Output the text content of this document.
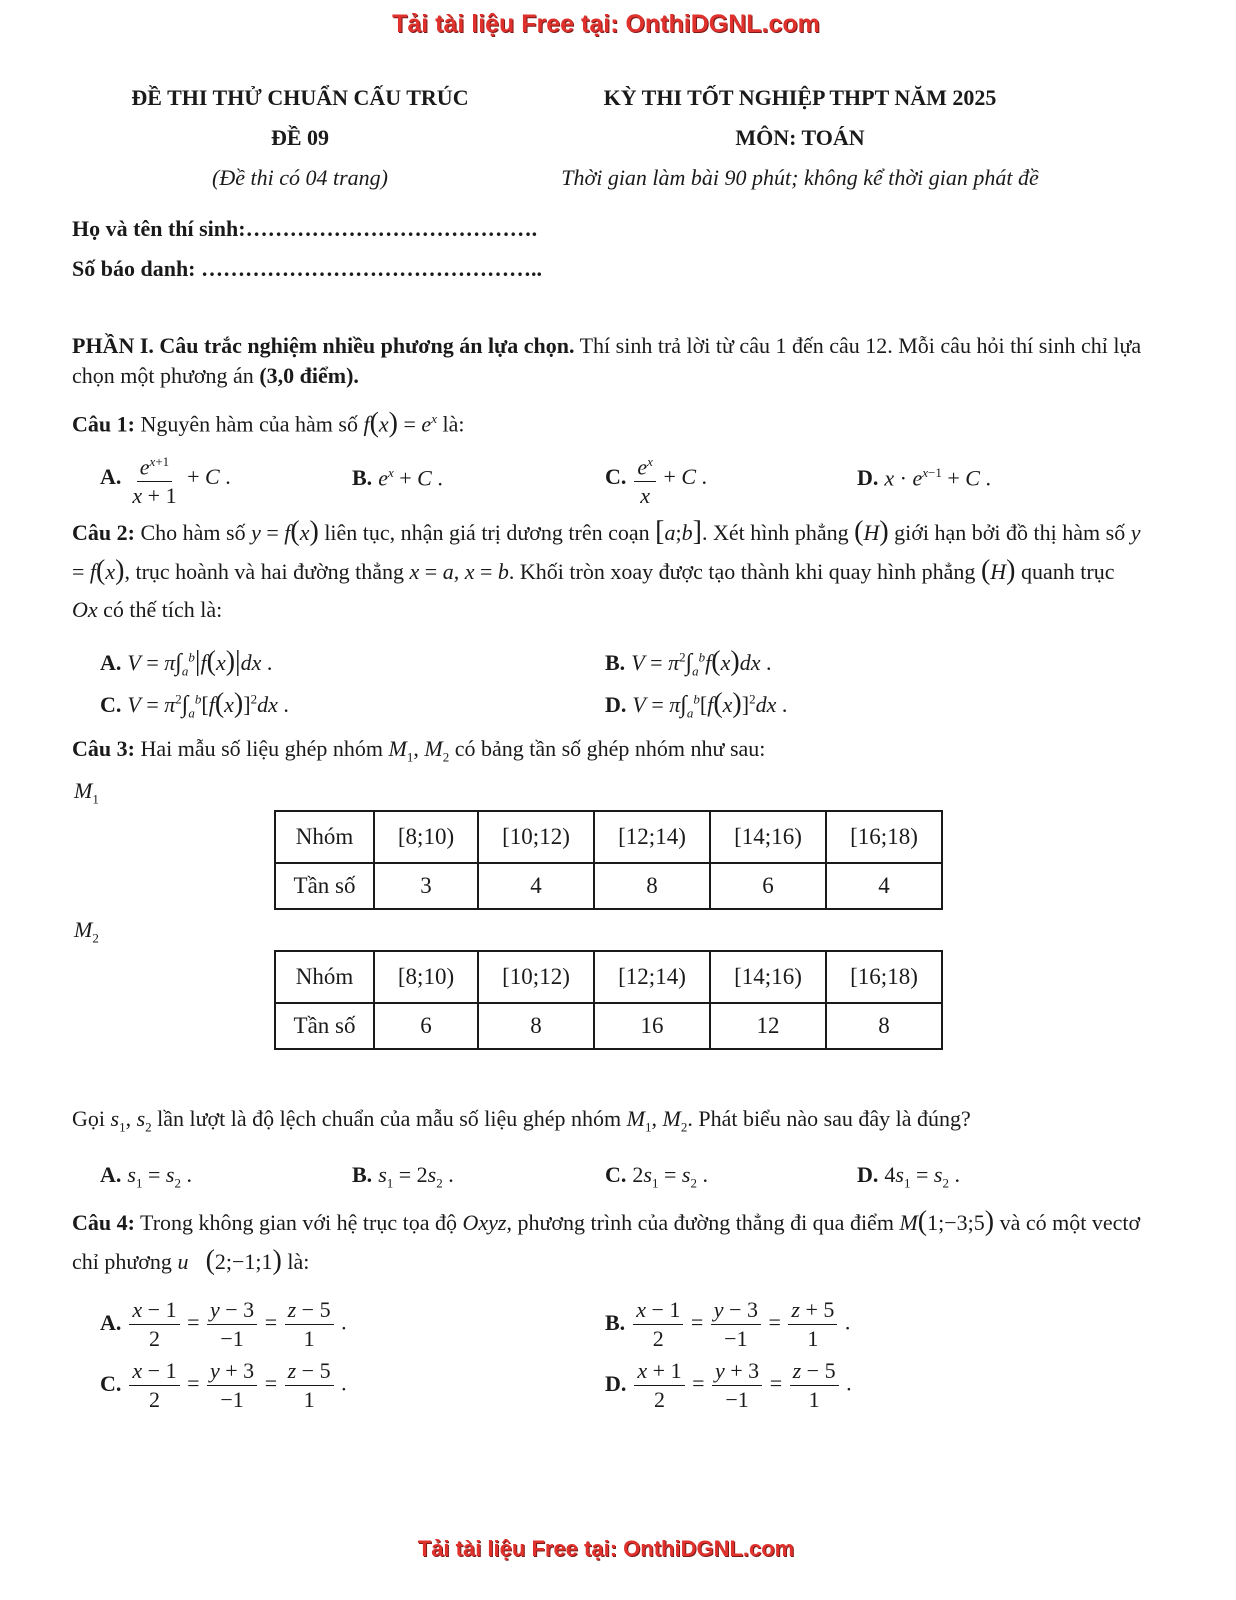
Tải tài liệu Free tại: OnthiDGNL.com
ĐỀ THI THỬ CHUẨN CẤU TRÚC
ĐỀ 09
(Đề thi có 04 trang)
KỲ THI TỐT NGHIỆP THPT NĂM 2025
MÔN: TOÁN
Thời gian làm bài 90 phút; không kể thời gian phát đề
Họ và tên thí sinh:………………………………….
Số báo danh: ………………………………………..
PHẦN I. Câu trắc nghiệm nhiều phương án lựa chọn. Thí sinh trả lời từ câu 1 đến câu 12. Mỗi câu hỏi thí sinh chỉ lựa chọn một phương án (3,0 điểm).
Câu 1: Nguyên hàm của hàm số $f(x) = e^x$ là:
A. $\frac{e^{x+1}}{x + 1} + C$ .	B. $e^x + C$ .	C. $\frac{e^x}{x} + C$ .	D. $x \cdot e^{x-1} + C$ .
Câu 2: Cho hàm số y = f(x) liên tục, nhận giá trị dương trên coạn [a;b]. Xét hình phẳng (H) giới hạn bởi đồ thị hàm số y = f(x), trục hoành và hai đường thẳng x = a, x = b. Khối tròn xoay được tạo thành khi quay hình phẳng (H) quanh trục Ox có thế tích là:
A. $V = \pi\int_a^b|f(x)|dx$ .	B. $V = \pi^2\int_a^bf(x)dx$ .
C. $V = \pi^2\int_a^b[f(x)]^2dx$ .	D. $V = \pi\int_a^b[f(x)]^2dx$ .
Câu 3: Hai mẫu số liệu ghép nhóm $M_1$, $M_2$ có bảng tần số ghép nhóm như sau:
$M_1$
Nhóm	[8;10)	[10;12)	[12;14)	[14;16)	[16;18)
Tần số	3	4	8	6	4
$M_2$
Nhóm	[8;10)	[10;12)	[12;14)	[14;16)	[16;18)
Tần số	6	8	16	12	8
Gọi $s_1$, $s_2$ lần lượt là độ lệch chuẩn của mẫu số liệu ghép nhóm $M_1$, $M_2$. Phát biểu nào sau đây là đúng?
A. $s_1 = s_2$ .	B. $s_1 = 2s_2$ .	C. $2s_1 = s_2$ .	D. $4s_1 = s_2$ .
Câu 4: Trong không gian với hệ trục tọa độ Oxyz, phương trình của đường thẳng đi qua điểm M(1;−3;5) và có một vectơ chỉ phương u⃗(2;−1;1) là:
A. $\frac{x - 1}{2} = \frac{y - 3}{-1} = \frac{z - 5}{1}$ .	B. $\frac{x - 1}{2} = \frac{y - 3}{-1} = \frac{z + 5}{1}$ .
C. $\frac{x - 1}{2} = \frac{y + 3}{-1} = \frac{z - 5}{1}$ .	D. $\frac{x + 1}{2} = \frac{y + 3}{-1} = \frac{z - 5}{1}$ .
Tải tài liệu Free tại: OnthiDGNL.com
